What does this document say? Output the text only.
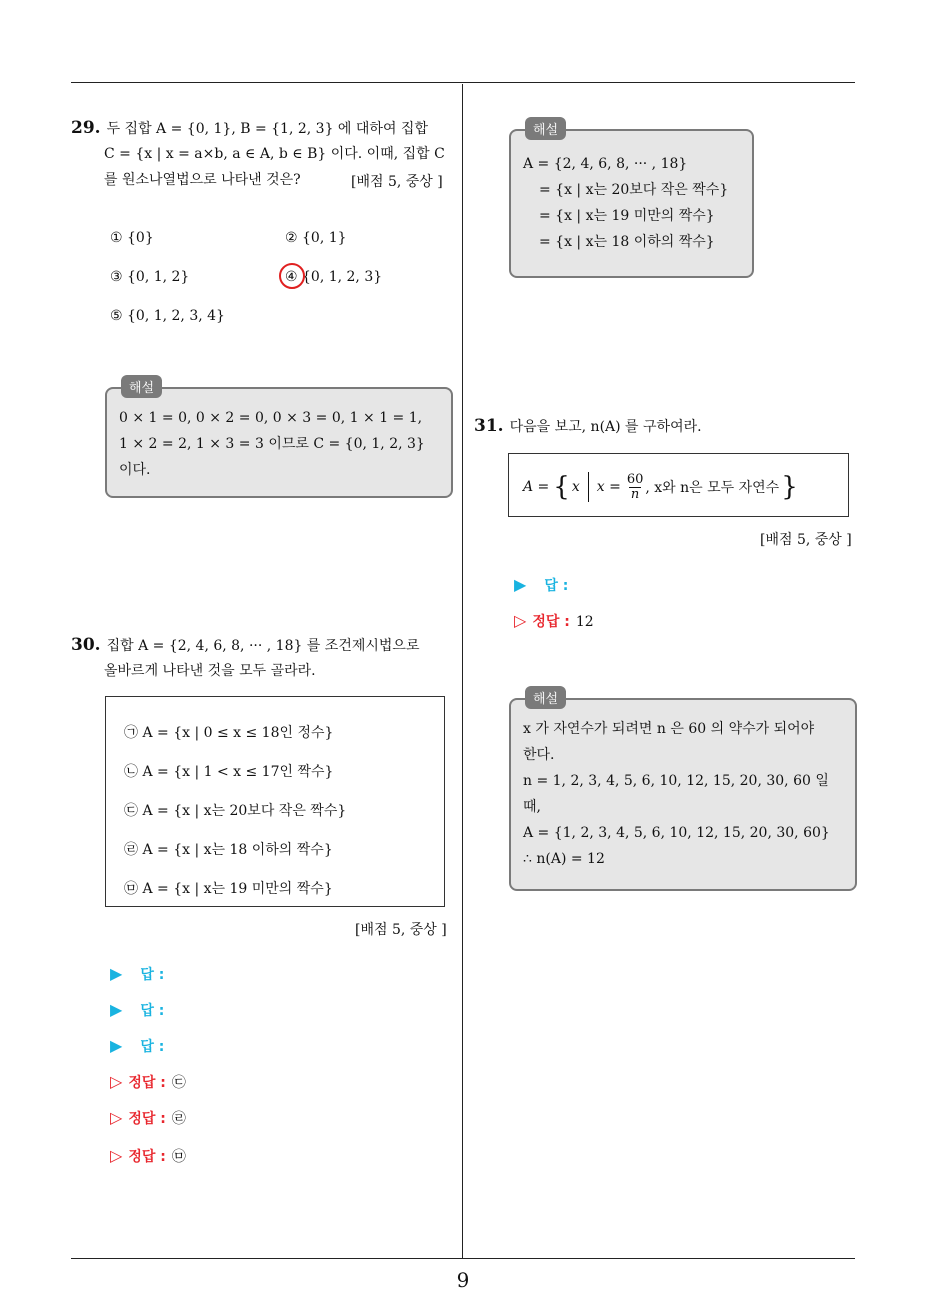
9
29. 두 집합 A = {0, 1}, B = {1, 2, 3} 에 대하여 집합
C = {x | x = a×b, a ∈ A, b ∈ B} 이다. 이때, 집합 C
를 원소나열법으로 나타낸 것은?	[배점 5, 중상 ]
① {0}	② {0, 1}
③ {0, 1, 2}	④ {0, 1, 2, 3}
⑤ {0, 1, 2, 3, 4}
해설
0 × 1 = 0, 0 × 2 = 0, 0 × 3 = 0, 1 × 1 = 1,
1 × 2 = 2, 1 × 3 = 3 이므로 C = {0, 1, 2, 3}
이다.
30. 집합 A = {2, 4, 6, 8, ··· , 18} 를 조건제시법으로
올바르게 나타낸 것을 모두 골라라.
㉠ A = {x | 0 ≤ x ≤ 18인 정수}
㉡ A = {x | 1 < x ≤ 17인 짝수}
㉢ A = {x | x는 20보다 작은 짝수}
㉣ A = {x | x는 18 이하의 짝수}
㉤ A = {x | x는 19 미만의 짝수}
[배점 5, 중상 ]
▶ 답 :
▶ 답 :
▶ 답 :
▷ 정답 : ㉢
▷ 정답 : ㉣
▷ 정답 : ㉤
해설
A = {2, 4, 6, 8, ··· , 18}
= {x | x는 20보다 작은 짝수}
= {x | x는 19 미만의 짝수}
= {x | x는 18 이하의 짝수}
31. 다음을 보고, n(A) 를 구하여라.
A = { x $x = \frac{60}{n}$ , x와 n은 모두 자연수 }
[배점 5, 중상 ]
▶ 답 :
▷ 정답 : 12
해설
x 가 자연수가 되려면 n 은 60 의 약수가 되어야
한다.
n = 1, 2, 3, 4, 5, 6, 10, 12, 15, 20, 30, 60 일
때,
A = {1, 2, 3, 4, 5, 6, 10, 12, 15, 20, 30, 60}
∴ n(A) = 12
